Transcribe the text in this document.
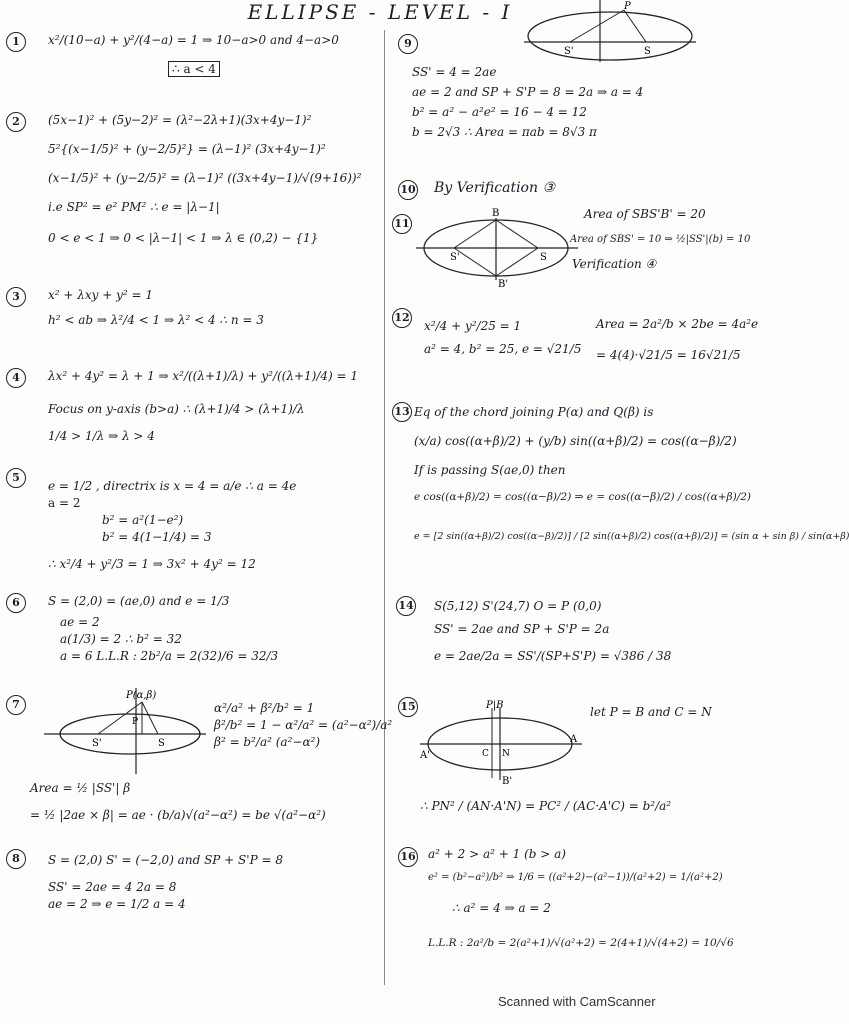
ELLIPSE - LEVEL - I
1	x²/(10−a) + y²/(4−a) = 1 ⇒ 10−a>0 and 4−a>0
∴ a < 4
2	(5x−1)² + (5y−2)² = (λ²−2λ+1)(3x+4y−1)²
5²{(x−1/5)² + (y−2/5)²} = (λ−1)² (3x+4y−1)²
(x−1/5)² + (y−2/5)² = (λ−1)² ((3x+4y−1)/√(9+16))²
i.e SP² = e² PM² ∴ e = |λ−1|
0 < e < 1 ⇒ 0 < |λ−1| < 1 ⇒ λ ∈ (0,2) − {1}
3	x² + λxy + y² = 1
h² < ab ⇒ λ²/4 < 1 ⇒ λ² < 4 ∴ n = 3
4	λx² + 4y² = λ + 1 ⇒ x²/((λ+1)/λ) + y²/((λ+1)/4) = 1
Focus on y-axis (b>a) ∴ (λ+1)/4 > (λ+1)/λ
1/4 > 1/λ ⇒ λ > 4
5
e = 1/2 , directrix is x = 4 = a/e ∴ a = 4e
a = 2
b² = a²(1−e²)
b² = 4(1−1/4) = 3
∴ x²/4 + y²/3 = 1 ⇒ 3x² + 4y² = 12
6	S = (2,0) = (ae,0) and e = 1/3
ae = 2
a(1/3) = 2 ∴ b² = 32
a = 6 L.L.R : 2b²/a = 2(32)/6 = 32/3
7
P(α,β)
P
S'	S
α²/a² + β²/b² = 1
β²/b² = 1 − α²/a² = (a²−α²)/a²
β² = b²/a² (a²−α²)
Area = ½ |SS'| β
= ½ |2ae × β| = ae · (b/a)√(a²−α²) = be √(a²−α²)
8	S = (2,0) S' = (−2,0) and SP + S'P = 8
SS' = 2ae = 4 2a = 8
ae = 2 ⇒ e = 1/2 a = 4
9
P
S'	S
SS' = 4 = 2ae
ae = 2 and SP + S'P = 8 = 2a ⇒ a = 4
b² = a² − a²e² = 16 − 4 = 12
b = 2√3 ∴ Area = πab = 8√3 π
10 By Verification ③
11
B
B'
S'	S
Area of SBS'B' = 20
Area of SBS' = 10 ⇒ ½|SS'|(b) = 10
Verification ④
12
x²/4 + y²/25 = 1
a² = 4, b² = 25, e = √21/5
Area = 2a²/b × 2be = 4a²e
= 4(4)·√21/5 = 16√21/5
13 Eq of the chord joining P(α) and Q(β) is
(x/a) cos((α+β)/2) + (y/b) sin((α+β)/2) = cos((α−β)/2)
If is passing S(ae,0) then
e cos((α+β)/2) = cos((α−β)/2) ⇒ e = cos((α−β)/2) / cos((α+β)/2)
e = [2 sin((α+β)/2) cos((α−β)/2)] / [2 sin((α+β)/2) cos((α+β)/2)] = (sin α + sin β) / sin(α+β)
14 S(5,12) S'(24,7) O = P (0,0)
SS' = 2ae and SP + S'P = 2a
e = 2ae/2a = SS'/(SP+S'P) = √386 / 38
15	P|B
A'
A
C N
B'
let P = B and C = N
∴ PN² / (AN·A'N) = PC² / (AC·A'C) = b²/a²
16 a² + 2 > a² + 1 (b > a)
e² = (b²−a²)/b² ⇒ 1/6 = ((a²+2)−(a²−1))/(a²+2) = 1/(a²+2)
∴ a² = 4 ⇒ a = 2
L.L.R : 2a²/b = 2(a²+1)/√(a²+2) = 2(4+1)/√(4+2) = 10/√6
Scanned with CamScanner
